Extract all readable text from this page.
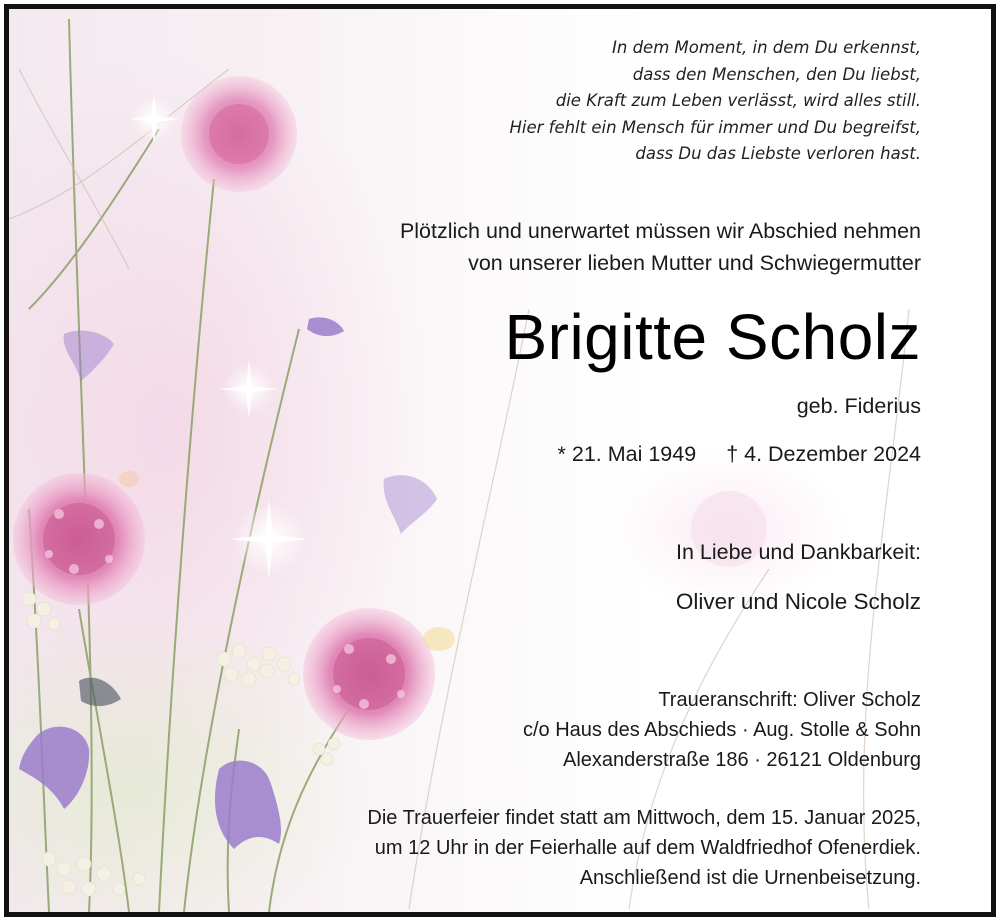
In dem Moment, in dem Du erkennst,
dass den Menschen, den Du liebst,
die Kraft zum Leben verlässt, wird alles still.
Hier fehlt ein Mensch für immer und Du begreifst,
dass Du das Liebste verloren hast.
Plötzlich und unerwartet müssen wir Abschied nehmen
von unserer lieben Mutter und Schwiegermutter
Brigitte Scholz
geb. Fiderius
* 21. Mai 1949 † 4. Dezember 2024
In Liebe und Dankbarkeit:
Oliver und Nicole Scholz
Traueranschrift: Oliver Scholz
c/o Haus des Abschieds · Aug. Stolle & Sohn
Alexanderstraße 186 · 26121 Oldenburg
Die Trauerfeier findet statt am Mittwoch, dem 15. Januar 2025,
um 12 Uhr in der Feierhalle auf dem Waldfriedhof Ofenerdiek.
Anschließend ist die Urnenbeisetzung.
